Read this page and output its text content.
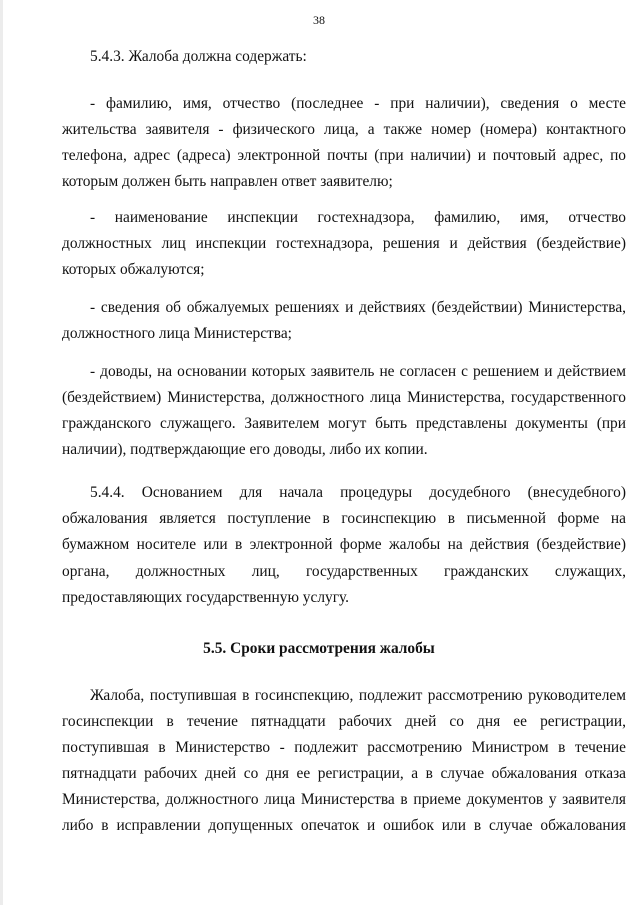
38
5.4.3. Жалоба должна содержать:
- фамилию, имя, отчество (последнее - при наличии), сведения о месте
жительства заявителя - физического лица, а также номер (номера) контактного
телефона, адрес (адреса) электронной почты (при наличии) и почтовый адрес, по
которым должен быть направлен ответ заявителю;
- наименование инспекции гостехнадзора, фамилию, имя, отчество
должностных лиц инспекции гостехнадзора, решения и действия (бездействие)
которых обжалуются;
- сведения об обжалуемых решениях и действиях (бездействии) Министерства,
должностного лица Министерства;
- доводы, на основании которых заявитель не согласен с решением и действием
(бездействием) Министерства, должностного лица Министерства, государственного
гражданского служащего. Заявителем могут быть представлены документы (при
наличии), подтверждающие его доводы, либо их копии.
5.4.4. Основанием для начала процедуры досудебного (внесудебного)
обжалования является поступление в госинспекцию в письменной форме на
бумажном носителе или в электронной форме жалобы на действия (бездействие)
органа, должностных лиц, государственных гражданских служащих,
предоставляющих государственную услугу.
5.5. Сроки рассмотрения жалобы
Жалоба, поступившая в госинспекцию, подлежит рассмотрению руководителем
госинспекции в течение пятнадцати рабочих дней со дня ее регистрации,
поступившая в Министерство - подлежит рассмотрению Министром в течение
пятнадцати рабочих дней со дня ее регистрации, а в случае обжалования отказа
Министерства, должностного лица Министерства в приеме документов у заявителя
либо в исправлении допущенных опечаток и ошибок или в случае обжалования
